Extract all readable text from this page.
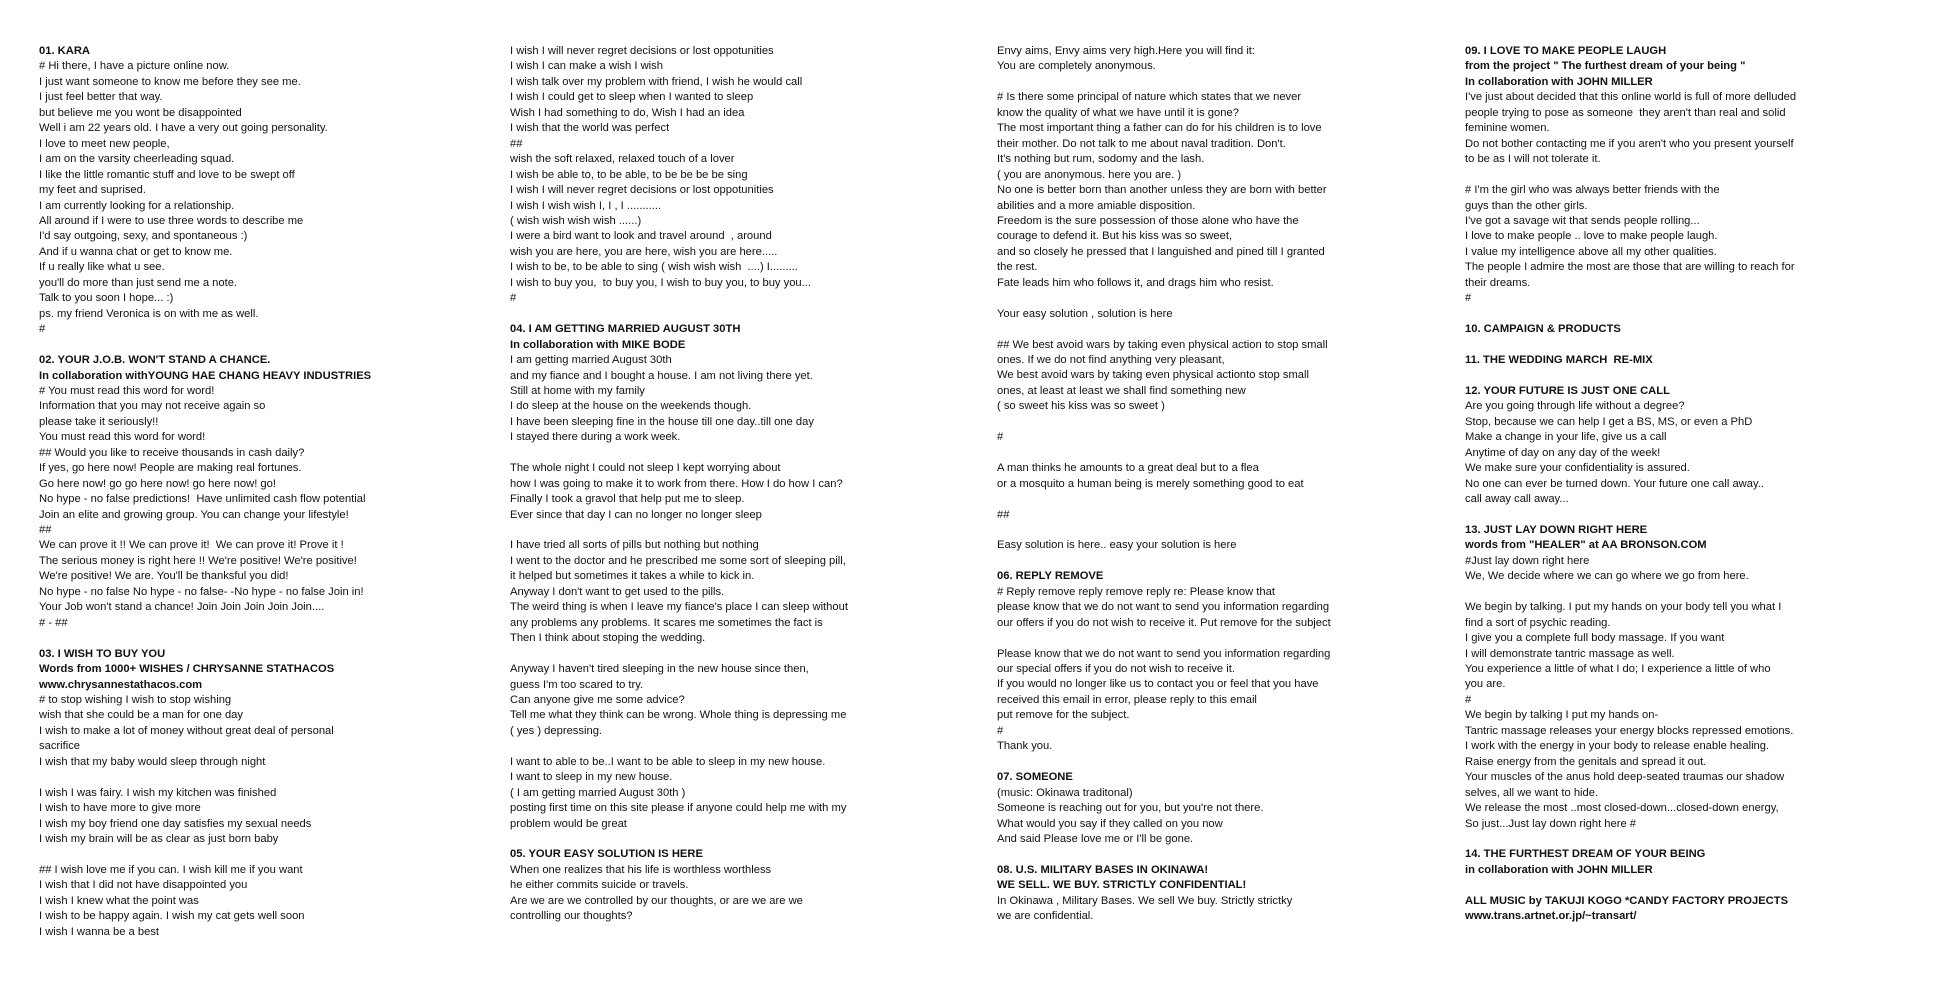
01. KARA
# Hi there, I have a picture online now.
I just want someone to know me before they see me.
I just feel better that way.
but believe me you wont be disappointed
Well i am 22 years old. I have a very out going personality.
I love to meet new people,
I am on the varsity cheerleading squad.
I like the little romantic stuff and love to be swept off
my feet and suprised.
I am currently looking for a relationship.
All around if I were to use three words to describe me
I'd say outgoing, sexy, and spontaneous :)
And if u wanna chat or get to know me.
If u really like what u see.
you'll do more than just send me a note.
Talk to you soon I hope... :)
ps. my friend Veronica is on with me as well.
#
02. YOUR J.O.B. WON'T STAND A CHANCE.
In collaboration withYOUNG HAE CHANG HEAVY INDUSTRIES
# You must read this word for word!
Information that you may not receive again so
please take it seriously!!
You must read this word for word!
## Would you like to receive thousands in cash daily?
If yes, go here now! People are making real fortunes.
Go here now! go go here now! go here now! go!
No hype - no false predictions!  Have unlimited cash flow potential
Join an elite and growing group. You can change your lifestyle!
##
We can prove it !! We can prove it!  We can prove it! Prove it !
The serious money is right here !! We're positive! We're positive!
We're positive! We are. You'll be thanksful you did!
No hype - no false No hype - no false- -No hype - no false Join in!
Your Job won't stand a chance! Join Join Join Join Join....
# - ##
03. I WISH TO BUY YOU
Words from 1000+ WISHES / CHRYSANNE STATHACOS
www.chrysannestathacos.com
# to stop wishing I wish to stop wishing
wish that she could be a man for one day
I wish to make a lot of money without great deal of personal
sacrifice
I wish that my baby would sleep through night
I wish I was fairy. I wish my kitchen was finished
I wish to have more to give more
I wish my boy friend one day satisfies my sexual needs
I wish my brain will be as clear as just born baby
## I wish love me if you can. I wish kill me if you want
I wish that I did not have disappointed you
I wish I knew what the point was
I wish to be happy again. I wish my cat gets well soon
I wish I wanna be a best
I wish I will never regret decisions or lost oppotunities
I wish I can make a wish I wish
I wish talk over my problem with friend, I wish he would call
I wish I could get to sleep when I wanted to sleep
Wish I had something to do, Wish I had an idea
I wish that the world was perfect
##
wish the soft relaxed, relaxed touch of a lover
I wish be able to, to be able, to be be be be sing
I wish I will never regret decisions or lost oppotunities
I wish I wish wish I, I , I ...........
( wish wish wish wish ......)
I were a bird want to look and travel around  , around
wish you are here, you are here, wish you are here.....
I wish to be, to be able to sing ( wish wish wish  ....) I.........
I wish to buy you,  to buy you, I wish to buy you, to buy you...
#
04. I AM GETTING MARRIED AUGUST 30TH
In collaboration with MIKE BODE
I am getting married August 30th
and my fiance and I bought a house. I am not living there yet.
Still at home with my family
I do sleep at the house on the weekends though.
I have been sleeping fine in the house till one day..till one day
I stayed there during a work week.
The whole night I could not sleep I kept worrying about
how I was going to make it to work from there. How I do how I can?
Finally I took a gravol that help put me to sleep.
Ever since that day I can no longer no longer sleep
I have tried all sorts of pills but nothing but nothing
I went to the doctor and he prescribed me some sort of sleeping pill,
it helped but sometimes it takes a while to kick in.
Anyway I don't want to get used to the pills.
The weird thing is when I leave my fiance's place I can sleep without
any problems any problems. It scares me sometimes the fact is
Then I think about stoping the wedding.
Anyway I haven't tired sleeping in the new house since then,
guess I'm too scared to try.
Can anyone give me some advice?
Tell me what they think can be wrong. Whole thing is depressing me
( yes ) depressing.
I want to able to be..I want to be able to sleep in my new house.
I want to sleep in my new house.
( I am getting married August 30th )
posting first time on this site please if anyone could help me with my
problem would be great
05. YOUR EASY SOLUTION IS HERE
When one realizes that his life is worthless worthless
he either commits suicide or travels.
Are we are we controlled by our thoughts, or are we are we
controlling our thoughts?
Envy aims, Envy aims very high.Here you will find it:
You are completely anonymous.
# Is there some principal of nature which states that we never
know the quality of what we have until it is gone?
The most important thing a father can do for his children is to love
their mother. Do not talk to me about naval tradition. Don't.
It's nothing but rum, sodomy and the lash.
( you are anonymous. here you are. )
No one is better born than another unless they are born with better
abilities and a more amiable disposition.
Freedom is the sure possession of those alone who have the
courage to defend it. But his kiss was so sweet,
and so closely he pressed that I languished and pined till I granted
the rest.
Fate leads him who follows it, and drags him who resist.
Your easy solution , solution is here
## We best avoid wars by taking even physical action to stop small
ones. If we do not find anything very pleasant,
We best avoid wars by taking even physical actionto stop small
ones, at least at least we shall find something new
( so sweet his kiss was so sweet )
#
A man thinks he amounts to a great deal but to a flea
or a mosquito a human being is merely something good to eat
##
Easy solution is here.. easy your solution is here
06. REPLY REMOVE
# Reply remove reply remove reply re: Please know that
please know that we do not want to send you information regarding
our offers if you do not wish to receive it. Put remove for the subject
Please know that we do not want to send you information regarding
our special offers if you do not wish to receive it.
If you would no longer like us to contact you or feel that you have
received this email in error, please reply to this email
put remove for the subject.
#
Thank you.
07. SOMEONE
(music: Okinawa traditonal)
Someone is reaching out for you, but you're not there.
What would you say if they called on you now
And said Please love me or I'll be gone.
08. U.S. MILITARY BASES IN OKINAWA!
WE SELL. WE BUY. STRICTLY CONFIDENTIAL!
In Okinawa , Military Bases. We sell We buy. Strictly strictky
we are confidential.
09. I LOVE TO MAKE PEOPLE LAUGH
from the project " The furthest dream of your being "
In collaboration with JOHN MILLER
I've just about decided that this online world is full of more delluded
people trying to pose as someone  they aren't than real and solid
feminine women.
Do not bother contacting me if you aren't who you present yourself
to be as I will not tolerate it.
# I'm the girl who was always better friends with the
guys than the other girls.
I've got a savage wit that sends people rolling...
I love to make people .. love to make people laugh.
I value my intelligence above all my other qualities.
The people I admire the most are those that are willing to reach for
their dreams.
#
10. CAMPAIGN & PRODUCTS
11. THE WEDDING MARCH  RE-MIX
12. YOUR FUTURE IS JUST ONE CALL
Are you going through life without a degree?
Stop, because we can help I get a BS, MS, or even a PhD
Make a change in your life, give us a call
Anytime of day on any day of the week!
We make sure your confidentiality is assured.
No one can ever be turned down. Your future one call away..
call away call away...
13. JUST LAY DOWN RIGHT HERE
words from "HEALER" at AA BRONSON.COM
#Just lay down right here
We, We decide where we can go where we go from here.
We begin by talking. I put my hands on your body tell you what I
find a sort of psychic reading.
I give you a complete full body massage. If you want
I will demonstrate tantric massage as well.
You experience a little of what I do; I experience a little of who
you are.
#
We begin by talking I put my hands on-
Tantric massage releases your energy blocks repressed emotions.
I work with the energy in your body to release enable healing.
Raise energy from the genitals and spread it out.
Your muscles of the anus hold deep-seated traumas our shadow
selves, all we want to hide.
We release the most ..most closed-down...closed-down energy,
So just...Just lay down right here #
14. THE FURTHEST DREAM OF YOUR BEING
in collaboration with JOHN MILLER
ALL MUSIC by TAKUJI KOGO *CANDY FACTORY PROJECTS
www.trans.artnet.or.jp/~transart/
